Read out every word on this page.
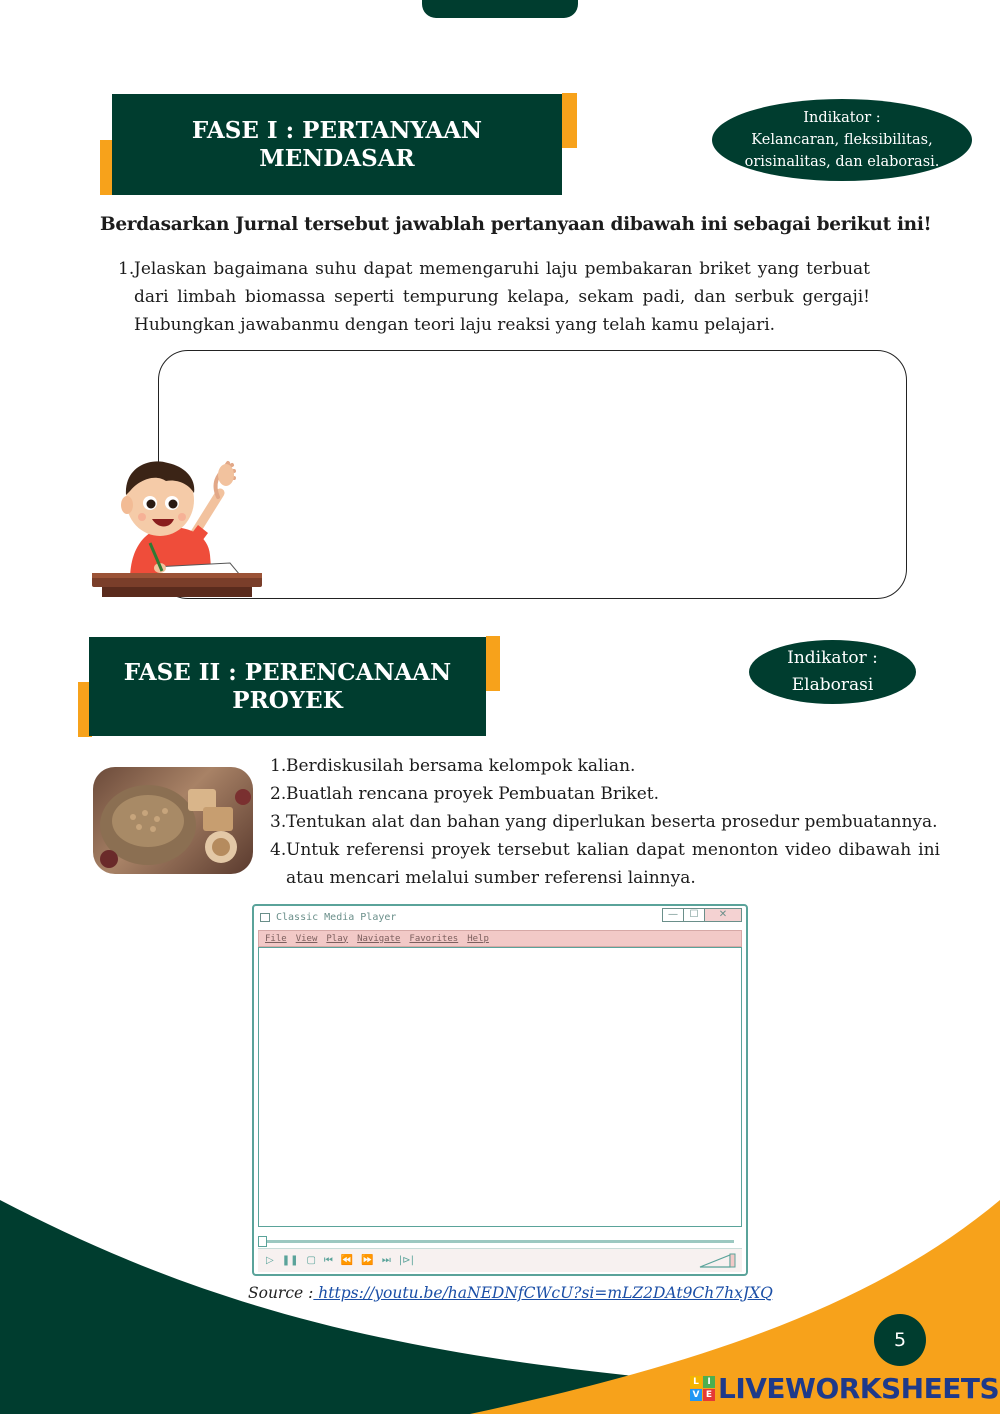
FASE I : PERTANYAAN
MENDASAR
Indikator :
Kelancaran, fleksibilitas,
orisinalitas, dan elaborasi.
Berdasarkan Jurnal tersebut jawablah pertanyaan dibawah ini sebagai berikut ini!
1. Jelaskan bagaimana suhu dapat memengaruhi laju pembakaran briket yang terbuat dari limbah biomassa seperti tempurung kelapa, sekam padi, dan serbuk gergaji! Hubungkan jawabanmu dengan teori laju reaksi yang telah kamu pelajari.
FASE II : PERENCANAAN
PROYEK
Indikator :
Elaborasi
1. Berdiskusilah bersama kelompok kalian.
2. Buatlah rencana proyek Pembuatan Briket.
3. Tentukan alat dan bahan yang diperlukan beserta prosedur pembuatannya.
4. Untuk referensi proyek tersebut kalian dapat menonton video dibawah ini atau mencari melalui sumber referensi lainnya.
Classic Media Player	—	☐	✕
File View Play Navigate Favorites Help
▷ ❚❚ ▢ ⏮ ⏪ ⏩ ⏭ |⊳|
Source : https://youtu.be/haNEDNfCWcU?si=mLZ2DAt9Ch7hxJXQ
5
L I
V E LIVEWORKSHEETS
